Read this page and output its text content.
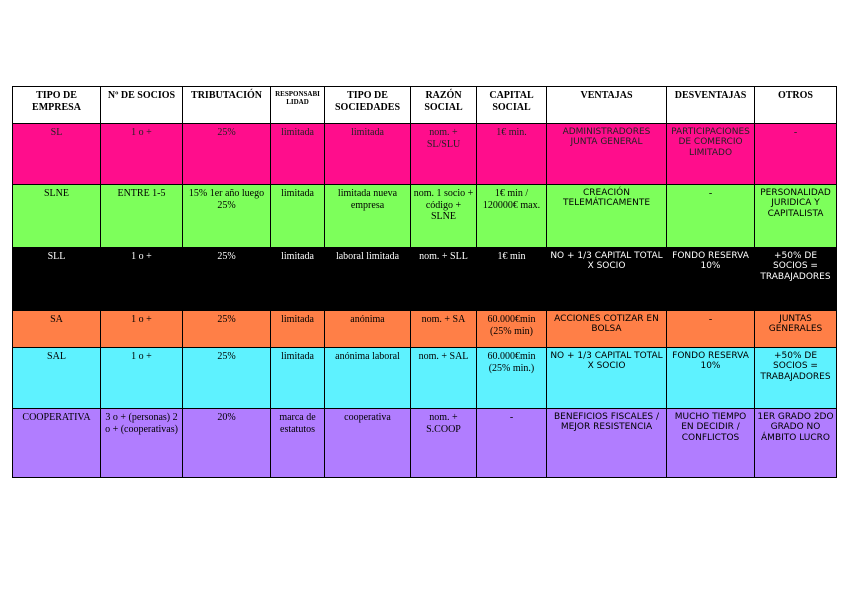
TIPO DE EMPRESA	Nº DE SOCIOS	TRIBUTACIÓN	RESPONSABILIDAD	TIPO DE SOCIEDADES	RAZÓN SOCIAL	CAPITAL SOCIAL	VENTAJAS	DESVENTAJAS	OTROS
SL	1 o +	25%	limitada	limitada	nom. + SL/SLU	1€ min.	ADMINISTRADORES JUNTA GENERAL	PARTICIPACIONES DE COMERCIO LIMITADO	-
SLNE	ENTRE 1-5	15% 1er año luego 25%	limitada	limitada nueva empresa	nom. 1 socio + código + SLNE	1€ min / 120000€ max.	CREACIÓN TELEMÁTICAMENTE	-	PERSONALIDAD JURIDICA Y CAPITALISTA
SLL	1 o +	25%	limitada	laboral limitada	nom. + SLL	1€ min	NO + 1/3 CAPITAL TOTAL X SOCIO	FONDO RESERVA 10%	+50% DE SOCIOS = TRABAJADORES
SA	1 o +	25%	limitada	anónima	nom. + SA	60.000€min (25% min)	ACCIONES COTIZAR EN BOLSA	-	JUNTAS GENERALES
SAL	1 o +	25%	limitada	anónima laboral	nom. + SAL	60.000€min (25% min.)	NO + 1/3 CAPITAL TOTAL X SOCIO	FONDO RESERVA 10%	+50% DE SOCIOS = TRABAJADORES
COOPERATIVA	3 o + (personas) 2 o + (cooperativas)	20%	marca de estatutos	cooperativa	nom. + S.COOP	-	BENEFICIOS FISCALES / MEJOR RESISTENCIA	MUCHO TIEMPO EN DECIDIR / CONFLICTOS	1ER GRADO 2DO GRADO NO ÁMBITO LUCRO
